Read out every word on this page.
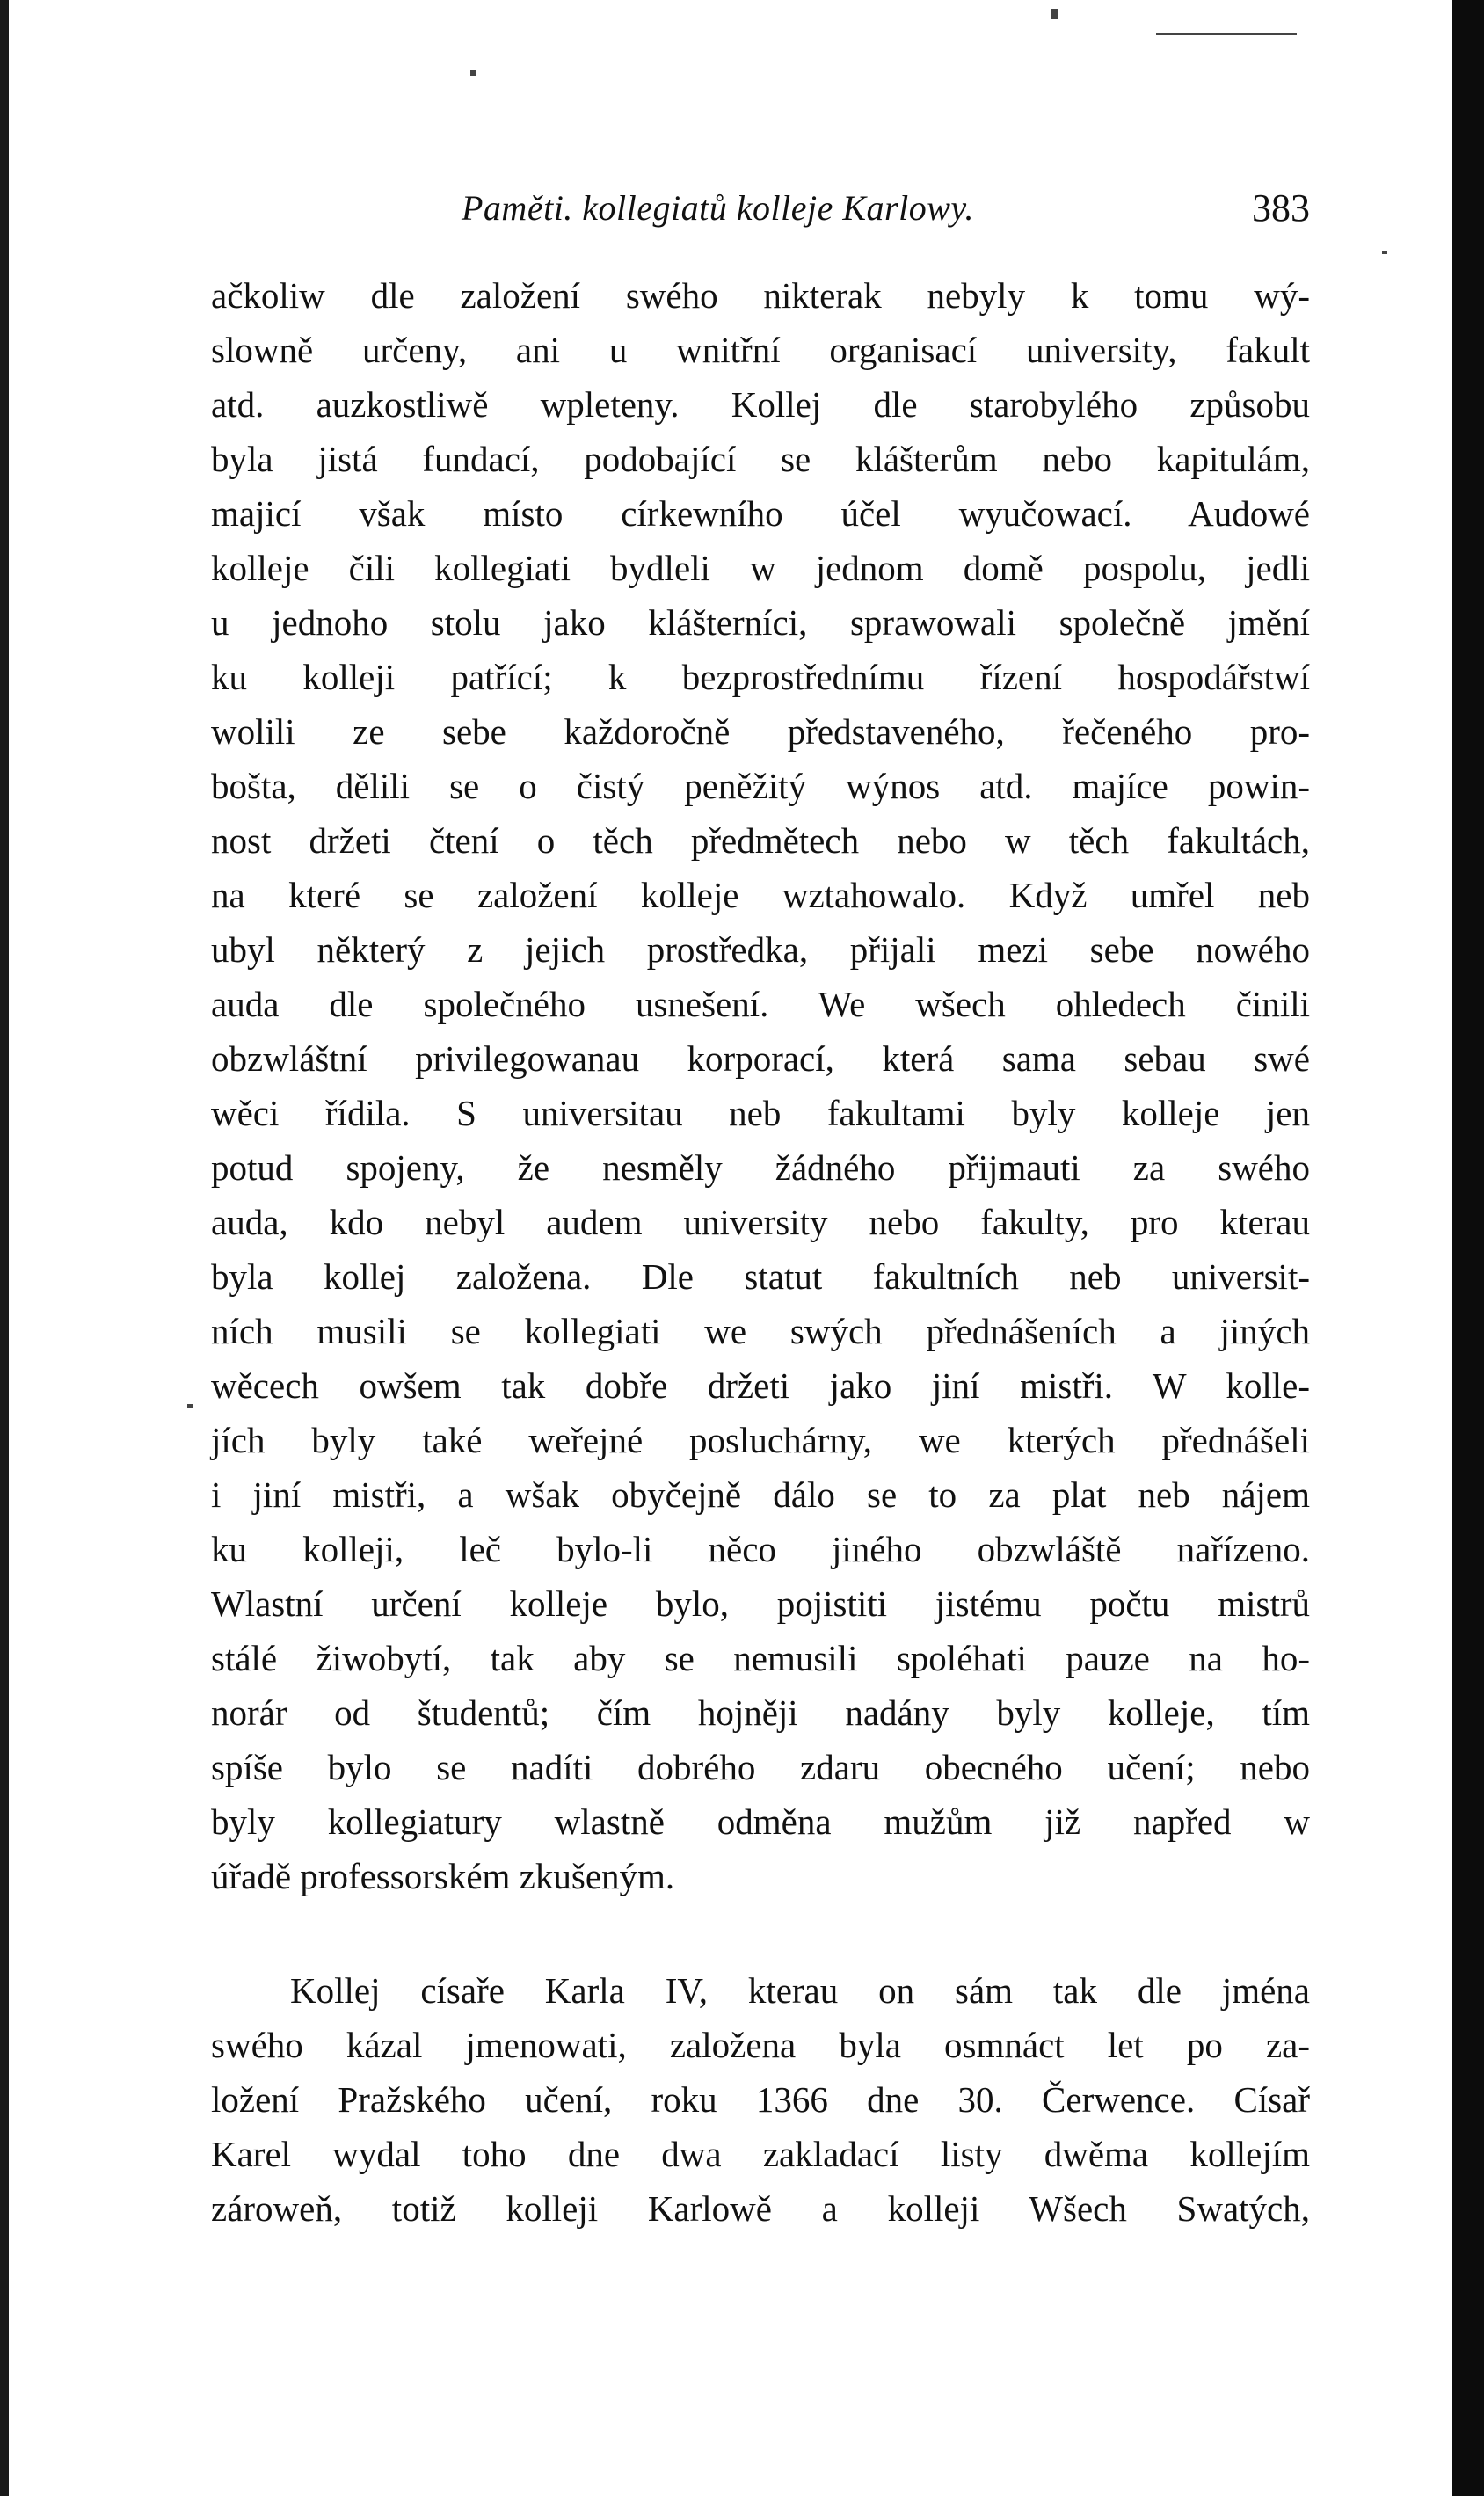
Paměti. kollegiatů kolleje Karlowy.	383
ačkoliw dle založení swého nikterak nebyly k tomu wý-
slowně určeny, ani u wnitřní organisací university, fakult
atd. auzkostliwě wpleteny. Kollej dle starobylého způsobu
byla jistá fundací, podobající se klášterům nebo kapitulám,
majicí však místo církewního účel wyučowací. Audowé
kolleje čili kollegiati bydleli w jednom domě pospolu, jedli
u jednoho stolu jako klášterníci, sprawowali společně jmění
ku kolleji patřící; k bezprostřednímu řízení hospodářstwí
wolili ze sebe každoročně představeného, řečeného pro-
bošta, dělili se o čistý peněžitý wýnos atd. majíce powin-
nost držeti čtení o těch předmětech nebo w těch fakultách,
na které se založení kolleje wztahowalo. Když umřel neb
ubyl některý z jejich prostředka, přijali mezi sebe nowého
auda dle společného usnešení. We wšech ohledech činili
obzwláštní privilegowanau korporací, která sama sebau swé
wěci řídila. S universitau neb fakultami byly kolleje jen
potud spojeny, že nesměly žádného přijmauti za swého
auda, kdo nebyl audem university nebo fakulty, pro kterau
byla kollej založena. Dle statut fakultních neb universit-
ních musili se kollegiati we swých přednášeních a jiných
wěcech owšem tak dobře držeti jako jiní mistři. W kolle-
jích byly také weřejné posluchárny, we kterých přednášeli
i jiní mistři, a wšak obyčejně dálo se to za plat neb nájem
ku kolleji, leč bylo-li něco jiného obzwláště nařízeno.
Wlastní určení kolleje bylo, pojistiti jistému počtu mistrů
stálé žiwobytí, tak aby se nemusili spoléhati pauze na ho-
norár od študentů; čím hojněji nadány byly kolleje, tím
spíše bylo se nadíti dobrého zdaru obecného učení; nebo
byly kollegiatury wlastně odměna mužům již napřed w
úřadě professorském zkušeným.
Kollej císaře Karla IV, kterau on sám tak dle jména
swého kázal jmenowati, založena byla osmnáct let po za-
ložení Pražského učení, roku 1366 dne 30. Čerwence. Císař
Karel wydal toho dne dwa zakladací listy dwěma kollejím
zároweň, totiž kolleji Karlowě a kolleji Wšech Swatých,
